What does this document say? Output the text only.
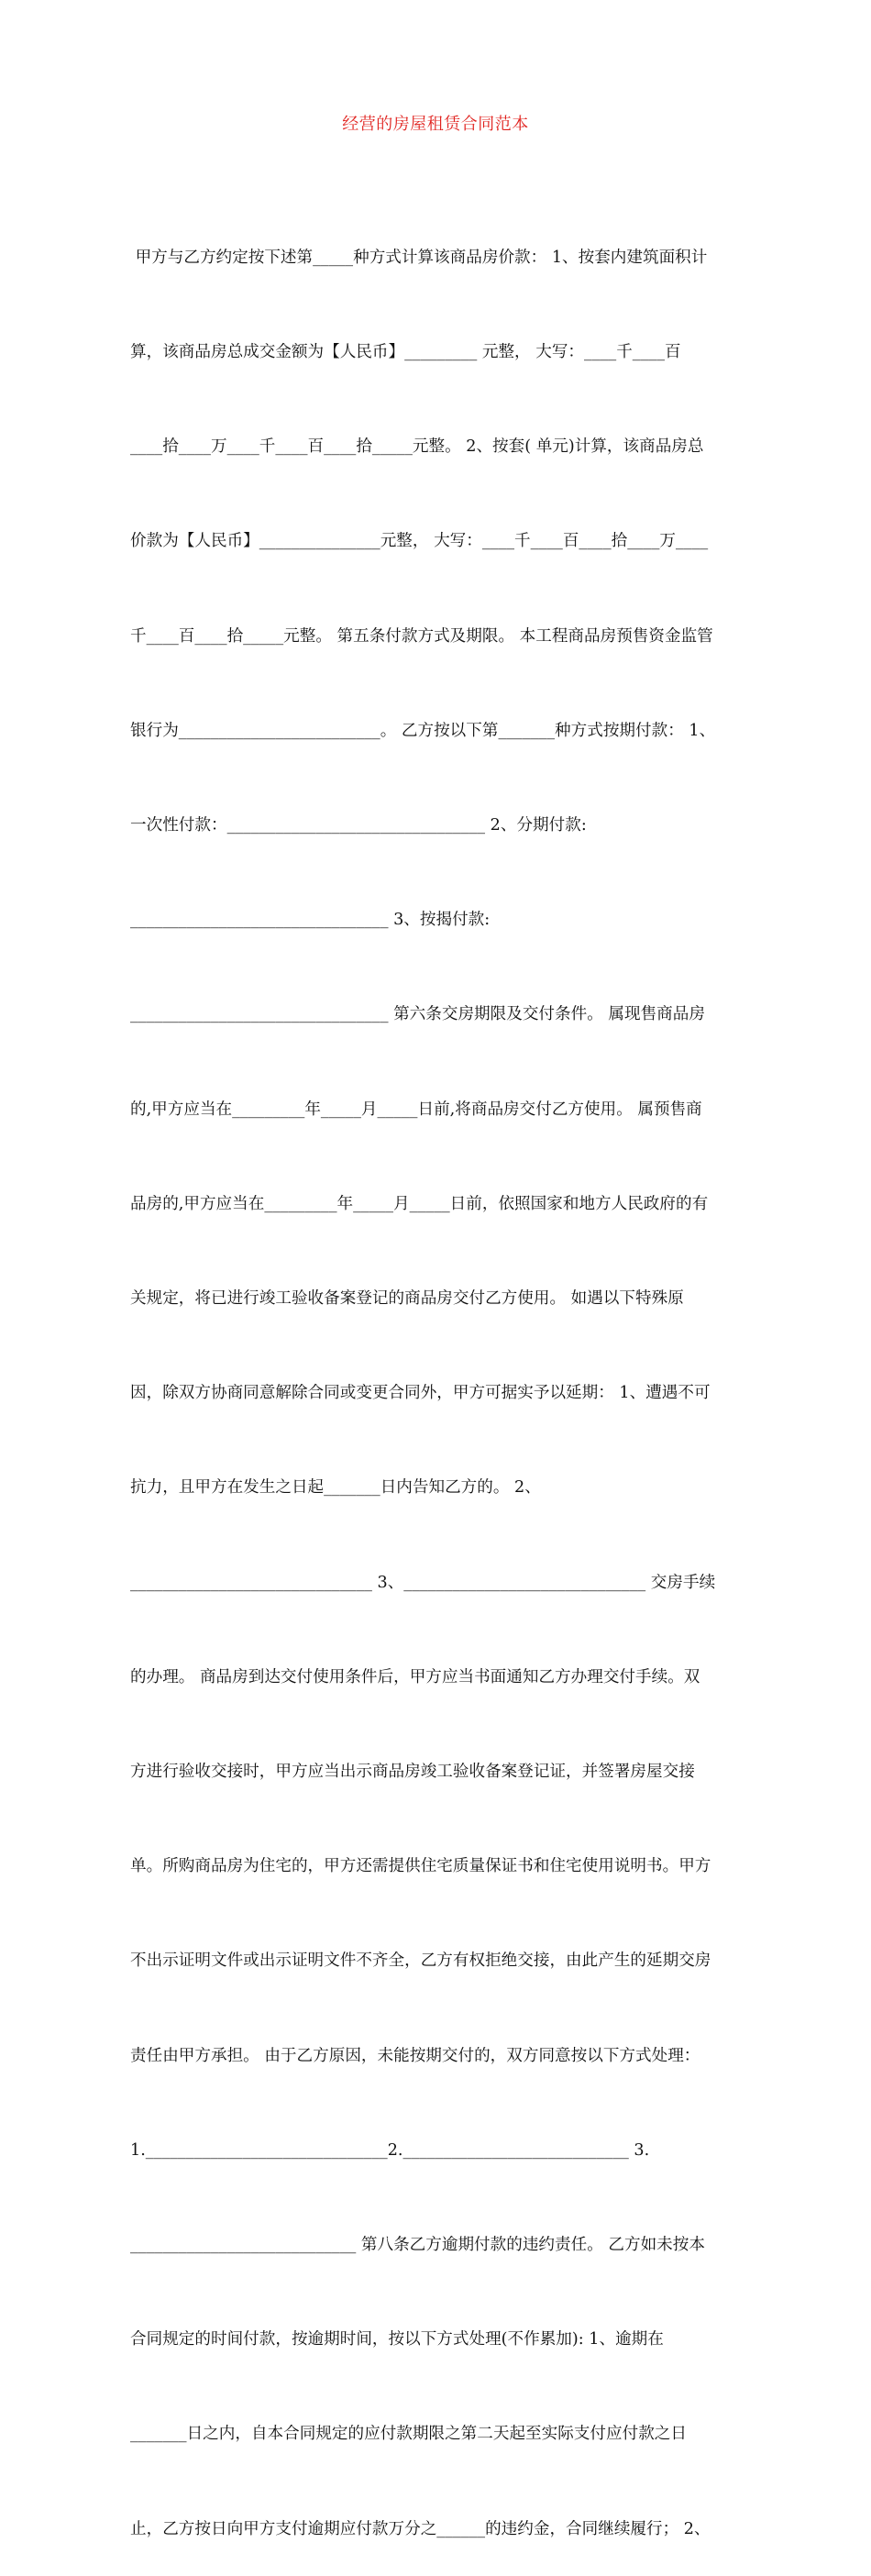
经营的房屋租赁合同范本

甲方与乙方约定按下述第_____种方式计算该商品房价款： 1、按套内建筑面积计

算，该商品房总成交金额为【人民币】_________ 元整， 大写：____千____百

____拾____万____千____百____拾_____元整。 2、按套( 单元)计算，该商品房总

价款为【人民币】_______________元整， 大写：____千____百____拾____万____

千____百____拾_____元整。 第五条付款方式及期限。 本工程商品房预售资金监管

银行为_________________________。 乙方按以下第_______种方式按期付款： 1、

一次性付款：________________________________ 2、分期付款:

________________________________ 3、按揭付款:

________________________________ 第六条交房期限及交付条件。 属现售商品房

的,甲方应当在_________年_____月_____日前,将商品房交付乙方使用。 属预售商

品房的,甲方应当在_________年_____月_____日前，依照国家和地方人民政府的有

关规定，将已进行竣工验收备案登记的商品房交付乙方使用。 如遇以下特殊原

因，除双方协商同意解除合同或变更合同外，甲方可据实予以延期： 1、遭遇不可

抗力，且甲方在发生之日起_______日内告知乙方的。 2、

______________________________ 3、______________________________ 交房手续

的办理。 商品房到达交付使用条件后，甲方应当书面通知乙方办理交付手续。双

方进行验收交接时，甲方应当出示商品房竣工验收备案登记证，并签署房屋交接

单。所购商品房为住宅的，甲方还需提供住宅质量保证书和住宅使用说明书。甲方

不出示证明文件或出示证明文件不齐全，乙方有权拒绝交接，由此产生的延期交房

责任由甲方承担。 由于乙方原因，未能按期交付的，双方同意按以下方式处理：

1.______________________________2.____________________________ 3.

____________________________ 第八条乙方逾期付款的违约责任。 乙方如未按本

合同规定的时间付款，按逾期时间，按以下方式处理(不作累加): 1、逾期在

_______日之内，自本合同规定的应付款期限之第二天起至实际支付应付款之日

止，乙方按日向甲方支付逾期应付款万分之______的违约金，合同继续履行； 2、
